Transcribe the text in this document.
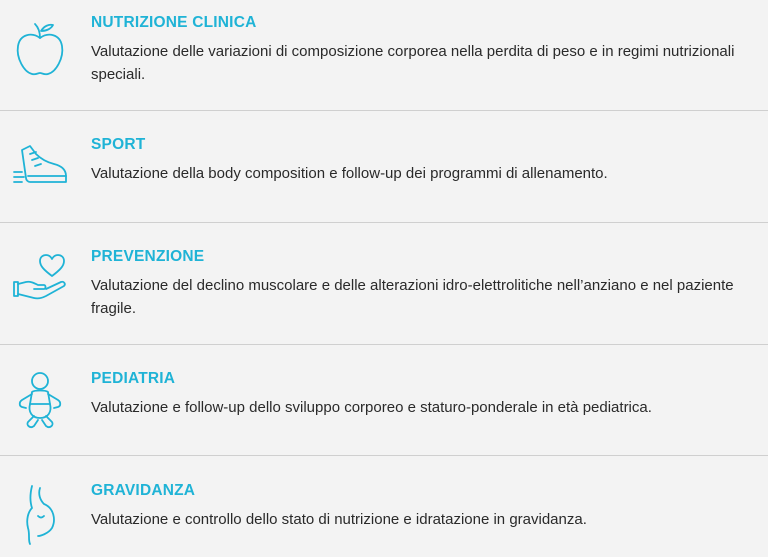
NUTRIZIONE CLINICA
Valutazione delle variazioni di composizione corporea nella perdita di peso e in regimi nutrizionali speciali.
SPORT
Valutazione della body composition e follow-up dei programmi di allenamento.
PREVENZIONE
Valutazione del declino muscolare e delle alterazioni idro-elettrolitiche nell’anziano e nel paziente fragile.
PEDIATRIA
Valutazione e follow-up dello sviluppo corporeo e staturo-ponderale in età pediatrica.
GRAVIDANZA
Valutazione e controllo dello stato di nutrizione e idratazione in gravidanza.
